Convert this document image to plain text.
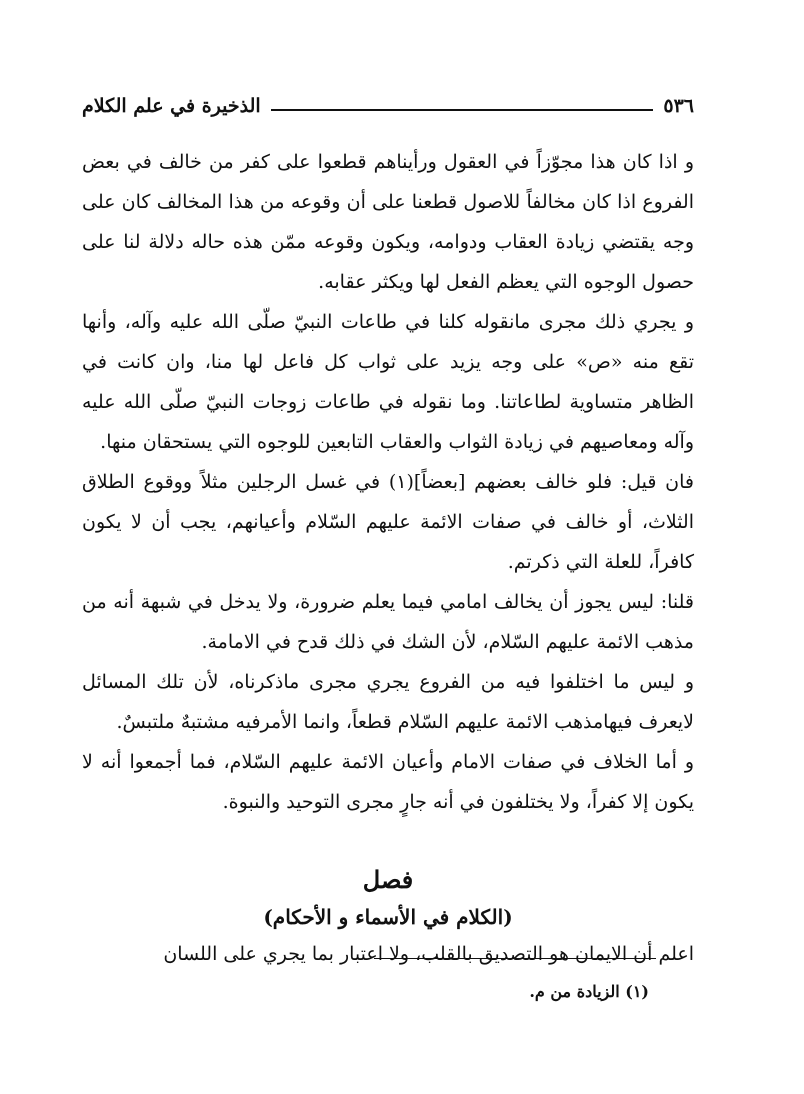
٥٣٦
الذخيرة في علم الكلام

و اذا كان هذا مجوّزاً في العقول ورأيناهم قطعوا على كفر من خالف في بعض الفروع اذا كان مخالفاً للاصول قطعنا على أن وقوعه من هذا المخالف كان على وجه يقتضي زيادة العقاب ودوامه، ويكون وقوعه ممّن هذه حاله دلالة لنا على حصول الوجوه التي يعظم الفعل لها ويكثر عقابه.

و يجري ذلك مجرى مانقوله كلنا في طاعات النبيّ صلّى الله عليه وآله، وأنها تقع منه «ص» على وجه يزيد على ثواب كل فاعل لها منا، وان كانت في الظاهر متساوية لطاعاتنا. وما نقوله في طاعات زوجات النبيّ صلّى الله عليه وآله ومعاصيهم في زيادة الثواب والعقاب التابعين للوجوه التي يستحقان منها.

فان قيل: فلو خالف بعضهم [بعضاً](١) في غسل الرجلين مثلاً ووقوع الطلاق الثلاث، أو خالف في صفات الائمة عليهم السّلام وأعيانهم، يجب أن لا يكون كافراً، للعلة التي ذكرتم.

قلنا: ليس يجوز أن يخالف امامي فيما يعلم ضرورة، ولا يدخل في شبهة أنه من مذهب الائمة عليهم السّلام، لأن الشك في ذلك قدح في الامامة.

و ليس ما اختلفوا فيه من الفروع يجري مجرى ماذكرناه، لأن تلك المسائل لايعرف فيهامذهب الائمة عليهم السّلام قطعاً، وانما الأمرفيه مشتبهٌ ملتبسٌ.

و أما الخلاف في صفات الامام وأعيان الائمة عليهم السّلام، فما أجمعوا أنه لا يكون إلا كفراً، ولا يختلفون في أنه جارٍ مجرى التوحيد والنبوة.

فصل
(الكلام في الأسماء و الأحكام)

اعلم أن الايمان هو التصديق بالقلب، ولا اعتبار بما يجري على اللسان

(١) الزيادة من م.
